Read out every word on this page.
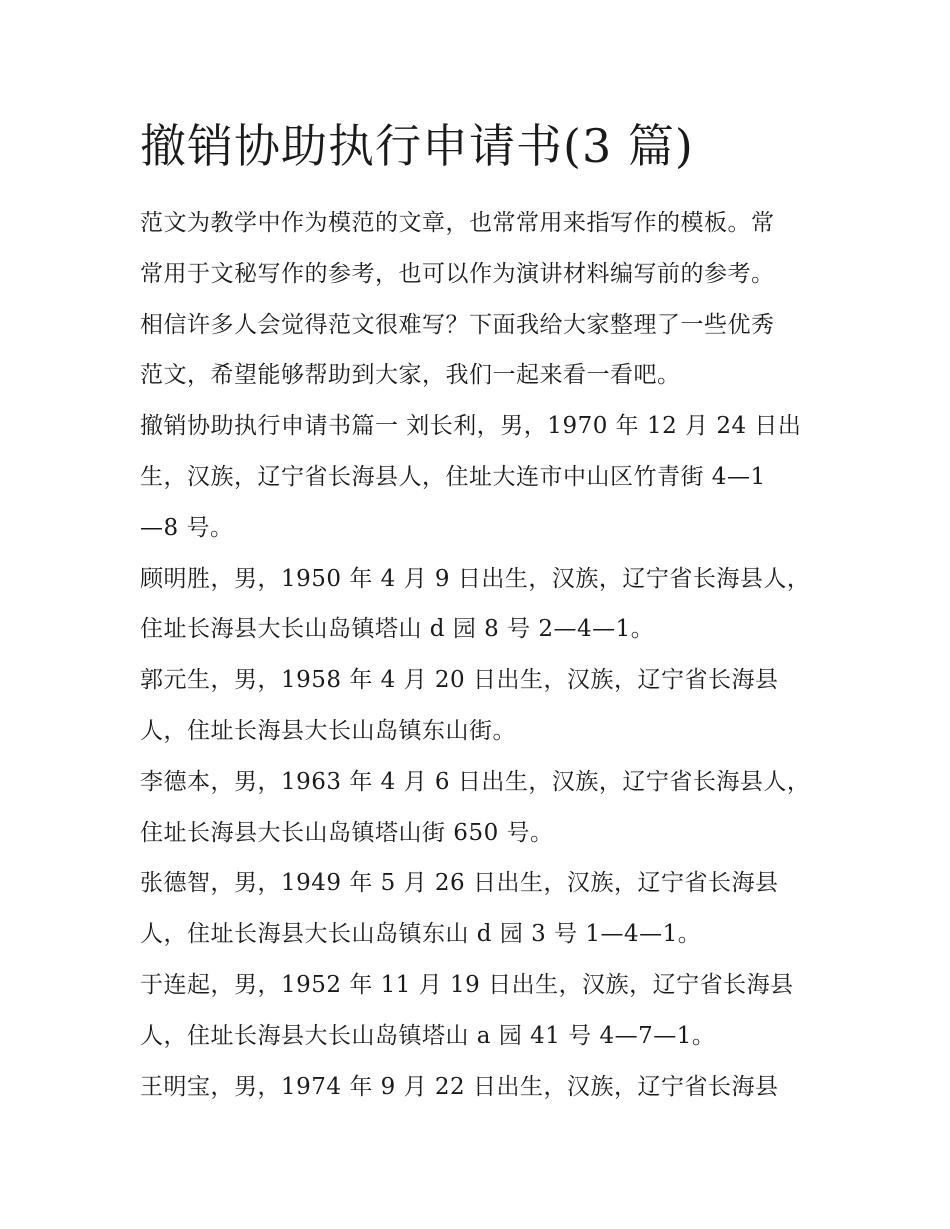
撤销协助执行申请书(3 篇)
范文为教学中作为模范的文章，也常常用来指写作的模板。常
常用于文秘写作的参考，也可以作为演讲材料编写前的参考。
相信许多人会觉得范文很难写？下面我给大家整理了一些优秀
范文，希望能够帮助到大家，我们一起来看一看吧。
撤销协助执行申请书篇一 刘长利，男，1970 年 12 月 24 日出
生，汉族，辽宁省长海县人，住址大连市中山区竹青街 4—1
—8 号。
顾明胜，男，1950 年 4 月 9 日出生，汉族，辽宁省长海县人，
住址长海县大长山岛镇塔山 d 园 8 号 2—4—1。
郭元生，男，1958 年 4 月 20 日出生，汉族，辽宁省长海县
人，住址长海县大长山岛镇东山街。
李德本，男，1963 年 4 月 6 日出生，汉族，辽宁省长海县人，
住址长海县大长山岛镇塔山街 650 号。
张德智，男，1949 年 5 月 26 日出生，汉族，辽宁省长海县
人，住址长海县大长山岛镇东山 d 园 3 号 1—4—1。
于连起，男，1952 年 11 月 19 日出生，汉族，辽宁省长海县
人，住址长海县大长山岛镇塔山 a 园 41 号 4—7—1。
王明宝，男，1974 年 9 月 22 日出生，汉族，辽宁省长海县
